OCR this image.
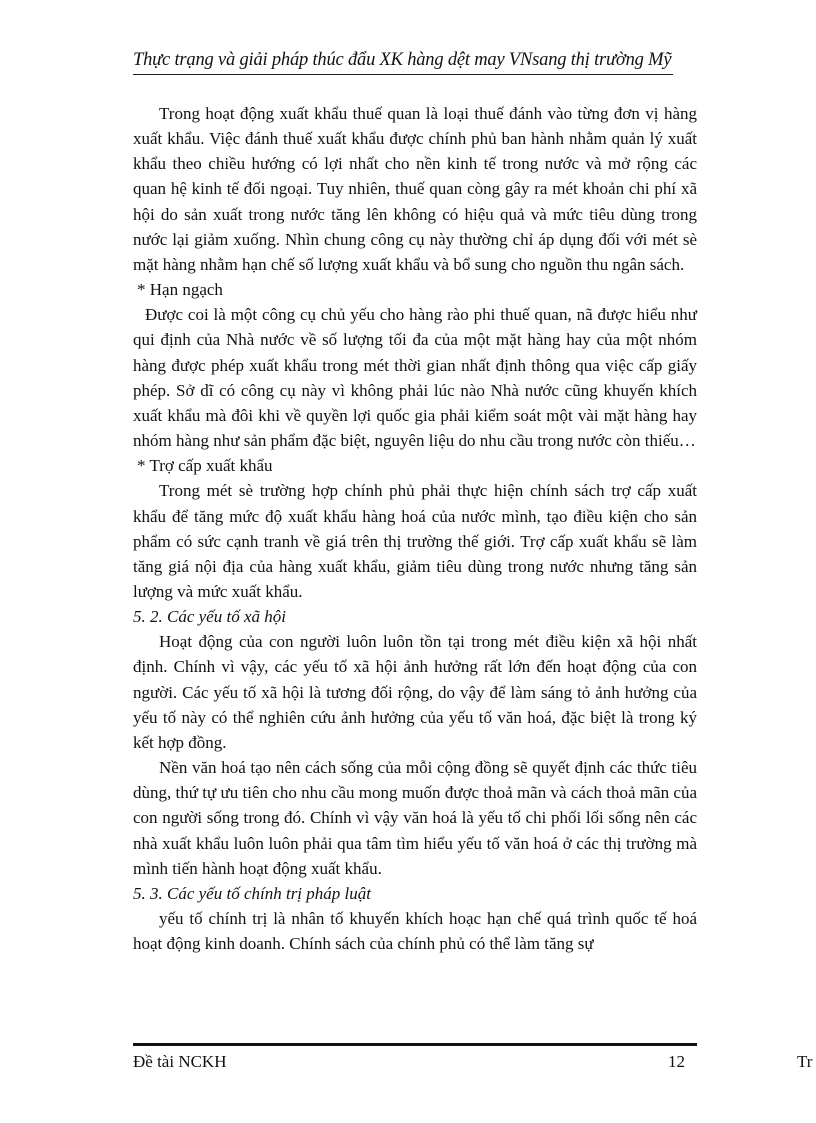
Thực trạng và giải pháp thúc đẩu XK hàng dệt may VNsang thị trường Mỹ

Trong hoạt động xuất khẩu thuế quan là loại thuế đánh vào từng đơn vị hàng xuất khẩu. Việc đánh thuế xuất khẩu được chính phủ ban hành nhằm quản lý xuất khẩu theo chiều hướng có lợi nhất cho nền kinh tế trong nước và mở rộng các quan hệ kinh tế đối ngoại. Tuy nhiên, thuế quan còng gây ra mét khoản chi phí xã hội do sản xuất trong nước tăng lên không có hiệu quả và mức tiêu dùng trong nước lại giảm xuống. Nhìn chung công cụ này thường chỉ áp dụng đối với mét sè mặt hàng nhằm hạn chế số lượng xuất khẩu và bổ sung cho nguồn thu ngân sách.

* Hạn ngạch

Được coi là một công cụ chủ yếu cho hàng rào phi thuế quan, nã được hiểu như qui định của Nhà nước về số lượng tối đa của một mặt hàng hay của một nhóm hàng được phép xuất khẩu trong mét thời gian nhất định thông qua việc cấp giấy phép. Sở dĩ có công cụ này vì không phải lúc nào Nhà nước cũng khuyến khích xuất khẩu mà đôi khi về quyền lợi quốc gia phải kiểm soát một vài mặt hàng hay nhóm hàng như sản phẩm đặc biệt, nguyên liệu do nhu cầu trong nước còn thiếu…

* Trợ cấp xuất khẩu

Trong mét sè trường hợp chính phủ phải thực hiện chính sách trợ cấp xuất khẩu để tăng mức độ xuất khẩu hàng hoá của nước mình, tạo điều kiện cho sản phẩm có sức cạnh tranh về giá trên thị trường thế giới. Trợ cấp xuất khẩu sẽ làm tăng giá nội địa của hàng xuất khẩu, giảm tiêu dùng trong nước nhưng tăng sản lượng và mức xuất khẩu.

5. 2. Các yếu tố xã hội

Hoạt động của con người luôn luôn tồn tại trong mét điều kiện xã hội nhất định. Chính vì vậy, các yếu tố xã hội ảnh hưởng rất lớn đến hoạt động của con người. Các yếu tố xã hội là tương đối rộng, do vậy để làm sáng tỏ ảnh hưởng của yếu tố này có thể nghiên cứu ảnh hưởng của yếu tố văn hoá, đặc biệt là trong ký kết hợp đồng.

Nền văn hoá tạo nên cách sống của mỗi cộng đồng sẽ quyết định các thức tiêu dùng, thứ tự ưu tiên cho nhu cầu mong muốn được thoả mãn và cách thoả mãn của con người sống trong đó. Chính vì vậy văn hoá là yếu tố chi phối lối sống nên các nhà xuất khẩu luôn luôn phải qua tâm tìm hiểu yếu tố văn hoá ở các thị trường mà mình tiến hành hoạt động xuất khẩu.

5. 3. Các yếu tố chính trị pháp luật

yếu tố chính trị là nhân tố khuyến khích hoạc hạn chế quá trình quốc tế hoá hoạt động kinh doanh. Chính sách của chính phủ có thể làm tăng sự

Đề tài NCKH	12	Tr
